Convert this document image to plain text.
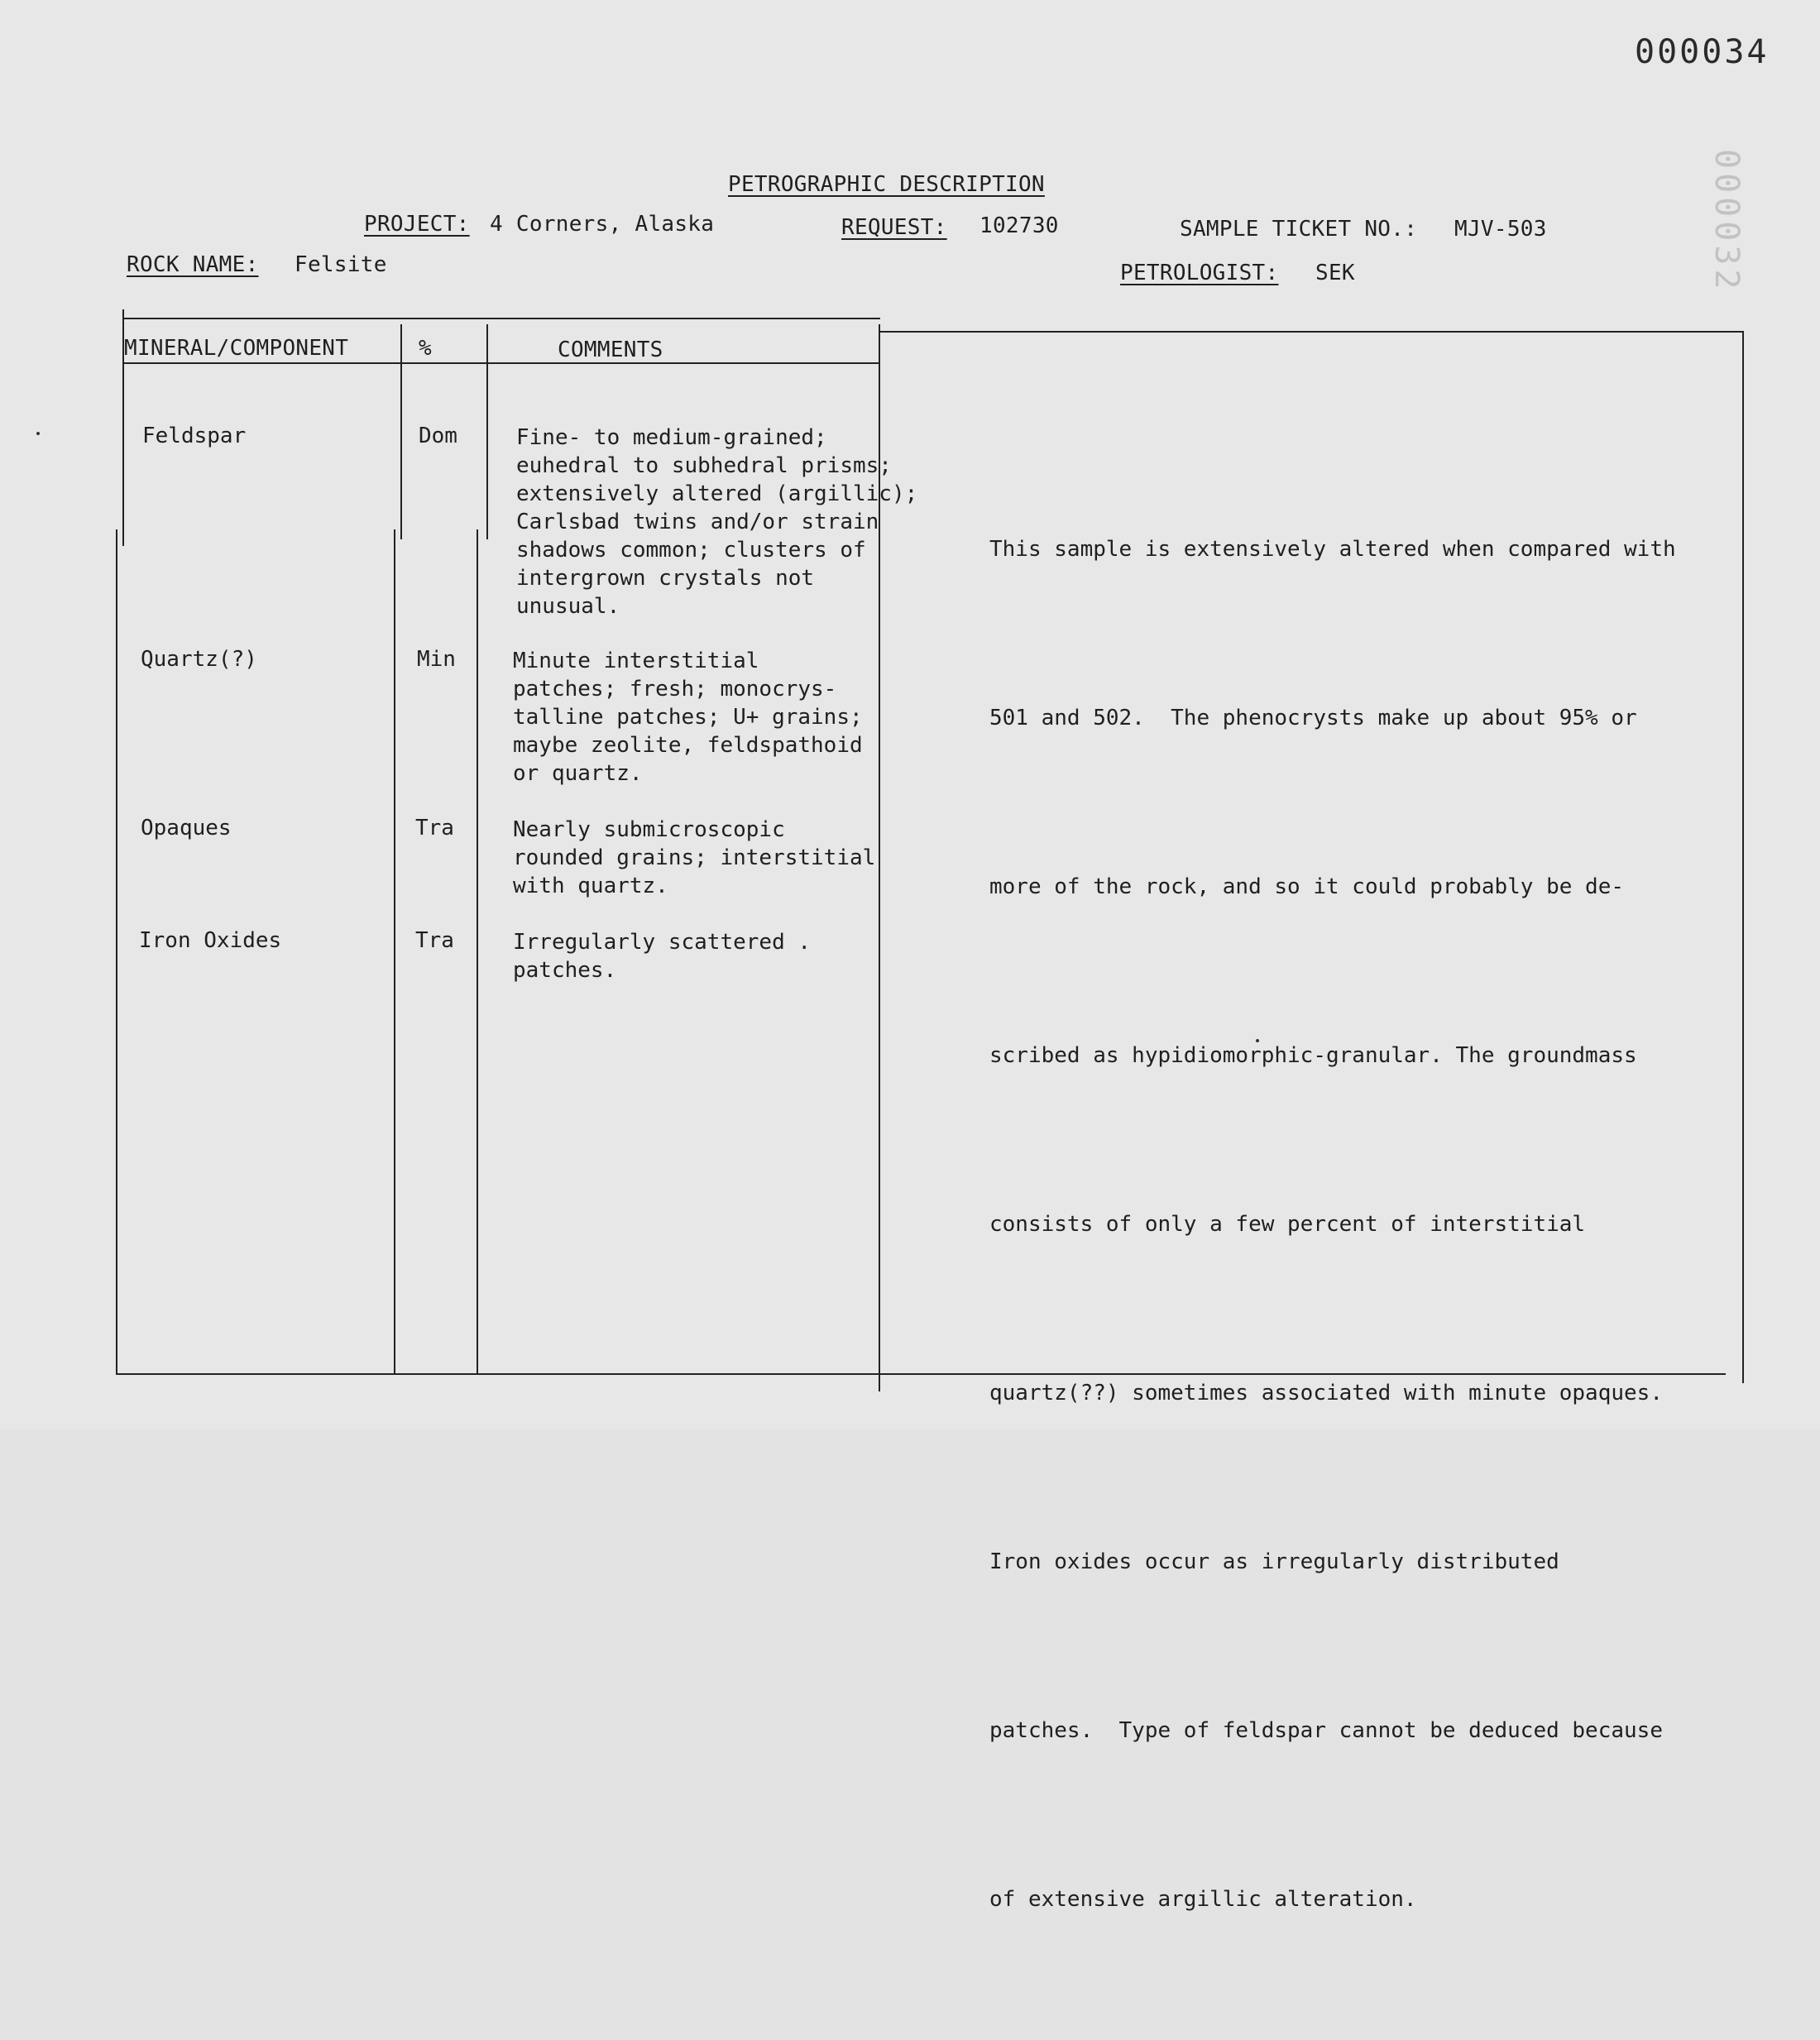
000034
000032
PETROGRAPHIC DESCRIPTION
PROJECT: 4 Corners, Alaska	REQUEST: 102730	SAMPLE TICKET NO.: MJV-503
ROCK NAME: Felsite	PETROLOGIST: SEK
MINERAL/COMPONENT	%	COMMENTS
Feldspar	Dom	Fine- to medium-grained;
euhedral to subhedral prisms;
extensively altered (argillic);
Carlsbad twins and/or strain
shadows common; clusters of
intergrown crystals not
unusual.
Quartz(?)	Min	Minute interstitial
patches; fresh; monocrys-
talline patches; U+ grains;
maybe zeolite, feldspathoid
or quartz.
Opaques	Tra	Nearly submicroscopic
rounded grains; interstitial
with quartz.
Iron Oxides	Tra	Irregularly scattered .
patches.

This sample is extensively altered when compared with

501 and 502.  The phenocrysts make up about 95% or

more of the rock, and so it could probably be de-

scribed as hypidiomorphic-granular. The groundmass

consists of only a few percent of interstitial

quartz(??) sometimes associated with minute opaques.

Iron oxides occur as irregularly distributed

patches.  Type of feldspar cannot be deduced because

of extensive argillic alteration.
